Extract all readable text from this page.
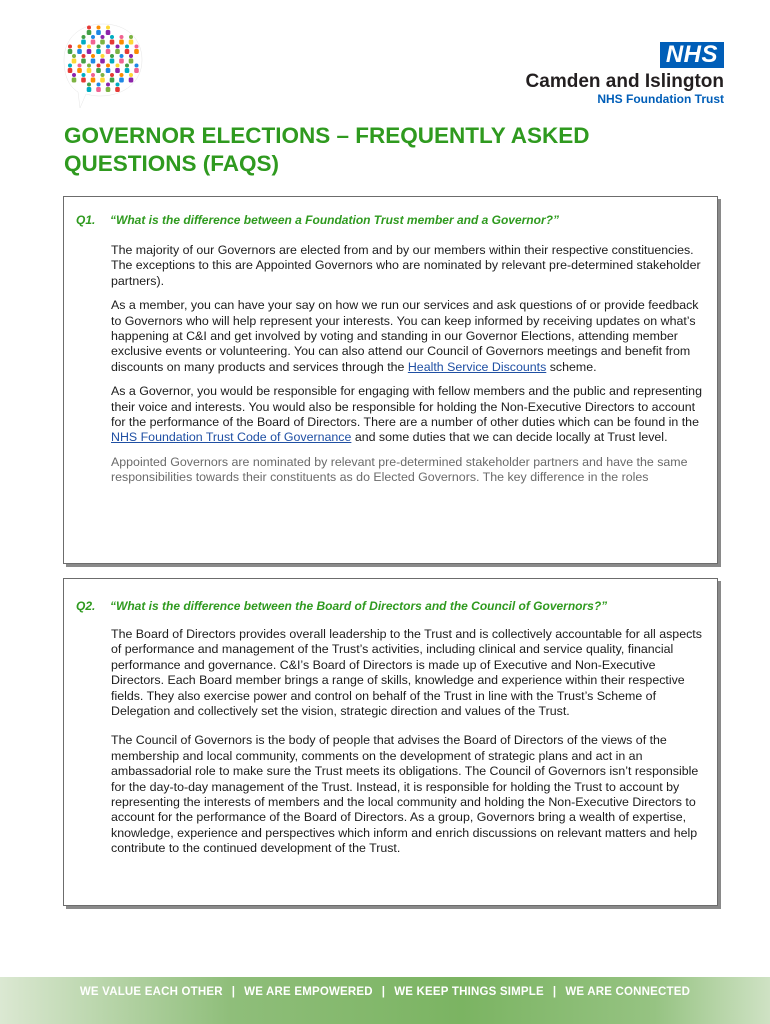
NHS
Camden and Islington
NHS Foundation Trust
GOVERNOR ELECTIONS – FREQUENTLY ASKED QUESTIONS (FAQS)
Q1. “What is the difference between a Foundation Trust member and a Governor?”

The majority of our Governors are elected from and by our members within their respective constituencies. The exceptions to this are Appointed Governors who are nominated by relevant pre-determined stakeholder partners).

As a member, you can have your say on how we run our services and ask questions of or provide feedback to Governors who will help represent your interests. You can keep informed by receiving updates on what’s happening at C&I and get involved by voting and standing in our Governor Elections, attending member exclusive events or volunteering. You can also attend our Council of Governors meetings and benefit from discounts on many products and services through the Health Service Discounts scheme.

As a Governor, you would be responsible for engaging with fellow members and the public and representing their voice and interests. You would also be responsible for holding the Non-Executive Directors to account for the performance of the Board of Directors. There are a number of other duties which can be found in the NHS Foundation Trust Code of Governance and some duties that we can decide locally at Trust level.

Appointed Governors are nominated by relevant pre-determined stakeholder partners and have the same responsibilities towards their constituents as do Elected Governors. The key difference in the roles

Q2. “What is the difference between the Board of Directors and the Council of Governors?”

The Board of Directors provides overall leadership to the Trust and is collectively accountable for all aspects of performance and management of the Trust’s activities, including clinical and service quality, financial performance and governance. C&I’s Board of Directors is made up of Executive and Non-Executive Directors. Each Board member brings a range of skills, knowledge and experience within their respective fields. They also exercise power and control on behalf of the Trust in line with the Trust’s Scheme of Delegation and collectively set the vision, strategic direction and values of the Trust.

The Council of Governors is the body of people that advises the Board of Directors of the views of the membership and local community, comments on the development of strategic plans and act in an ambassadorial role to make sure the Trust meets its obligations. The Council of Governors isn’t responsible for the day-to-day management of the Trust. Instead, it is responsible for holding the Trust to account by representing the interests of members and the local community and holding the Non-Executive Directors to account for the performance of the Board of Directors. As a group, Governors bring a wealth of expertise, knowledge, experience and perspectives which inform and enrich discussions on relevant matters and help contribute to the continued development of the Trust.

WE VALUE EACH OTHER | WE ARE EMPOWERED | WE KEEP THINGS SIMPLE | WE ARE CONNECTED
